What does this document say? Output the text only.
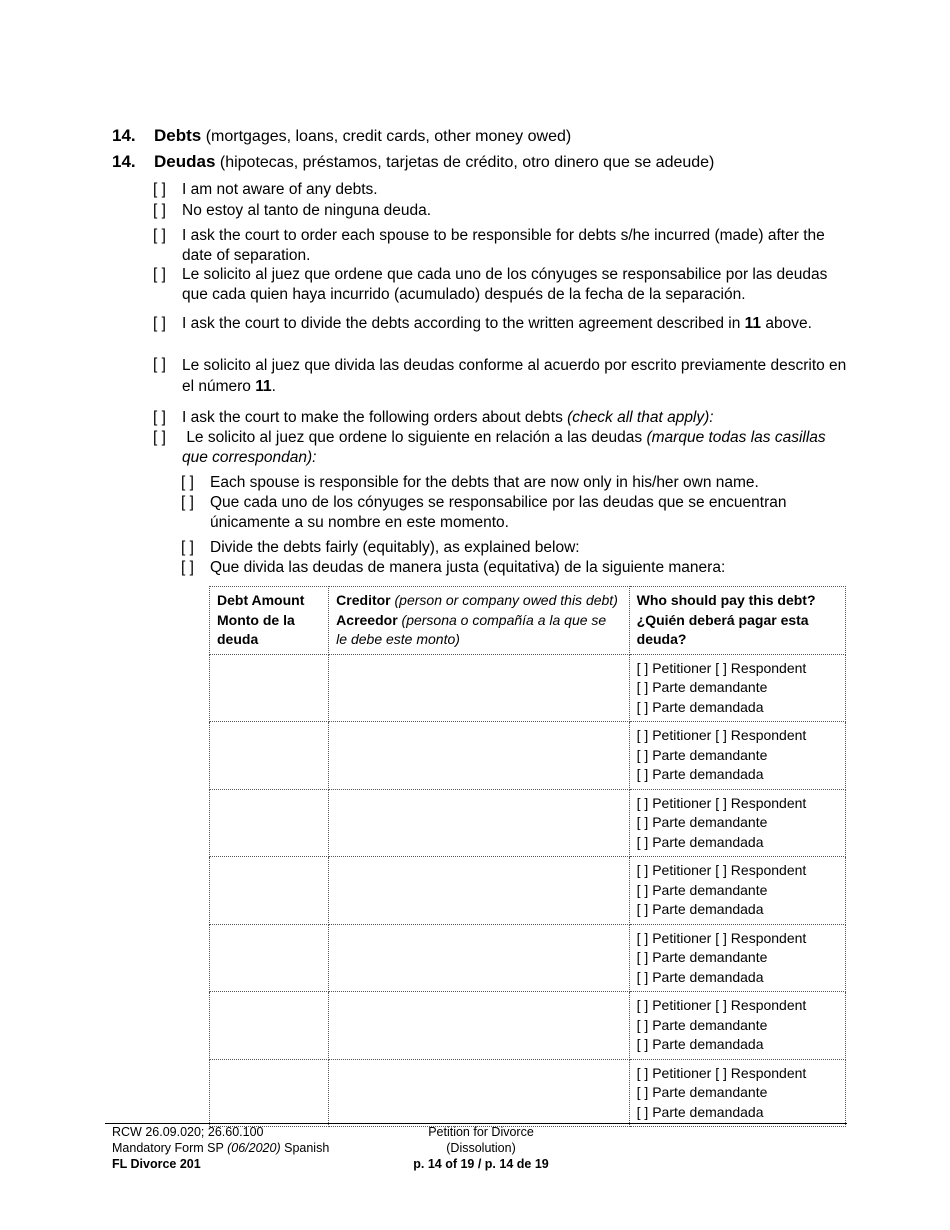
14. Debts (mortgages, loans, credit cards, other money owed)
14. Deudas (hipotecas, préstamos, tarjetas de crédito, otro dinero que se adeude)
[ ] I am not aware of any debts.
[ ] No estoy al tanto de ninguna deuda.
[ ] I ask the court to order each spouse to be responsible for debts s/he incurred (made) after the date of separation.
[ ] Le solicito al juez que ordene que cada uno de los cónyuges se responsabilice por las deudas que cada quien haya incurrido (acumulado) después de la fecha de la separación.
[ ] I ask the court to divide the debts according to the written agreement described in 11 above.
[ ] Le solicito al juez que divida las deudas conforme al acuerdo por escrito previamente descrito en el número 11.
[ ] I ask the court to make the following orders about debts (check all that apply):
[ ] Le solicito al juez que ordene lo siguiente en relación a las deudas (marque todas las casillas que correspondan):
[ ] Each spouse is responsible for the debts that are now only in his/her own name.
[ ] Que cada uno de los cónyuges se responsabilice por las deudas que se encuentran únicamente a su nombre en este momento.
[ ] Divide the debts fairly (equitably), as explained below:
[ ] Que divida las deudas de manera justa (equitativa) de la siguiente manera:
Debt Amount
Monto de la
deuda	Creditor (person or company owed this debt)
Acreedor (persona o compañía a la que se
le debe este monto)	Who should pay this debt?
¿Quién deberá pagar esta
deuda?

		[ ] Petitioner [ ] Respondent
[ ] Parte demandante
[ ] Parte demandada

		[ ] Petitioner [ ] Respondent
[ ] Parte demandante
[ ] Parte demandada

		[ ] Petitioner [ ] Respondent
[ ] Parte demandante
[ ] Parte demandada

		[ ] Petitioner [ ] Respondent
[ ] Parte demandante
[ ] Parte demandada

		[ ] Petitioner [ ] Respondent
[ ] Parte demandante
[ ] Parte demandada

		[ ] Petitioner [ ] Respondent
[ ] Parte demandante
[ ] Parte demandada

		[ ] Petitioner [ ] Respondent
[ ] Parte demandante
[ ] Parte demandada
RCW 26.09.020; 26.60.100
Mandatory Form SP (06/2020) Spanish
FL Divorce 201
Petition for Divorce
(Dissolution)
p. 14 of 19 / p. 14 de 19
